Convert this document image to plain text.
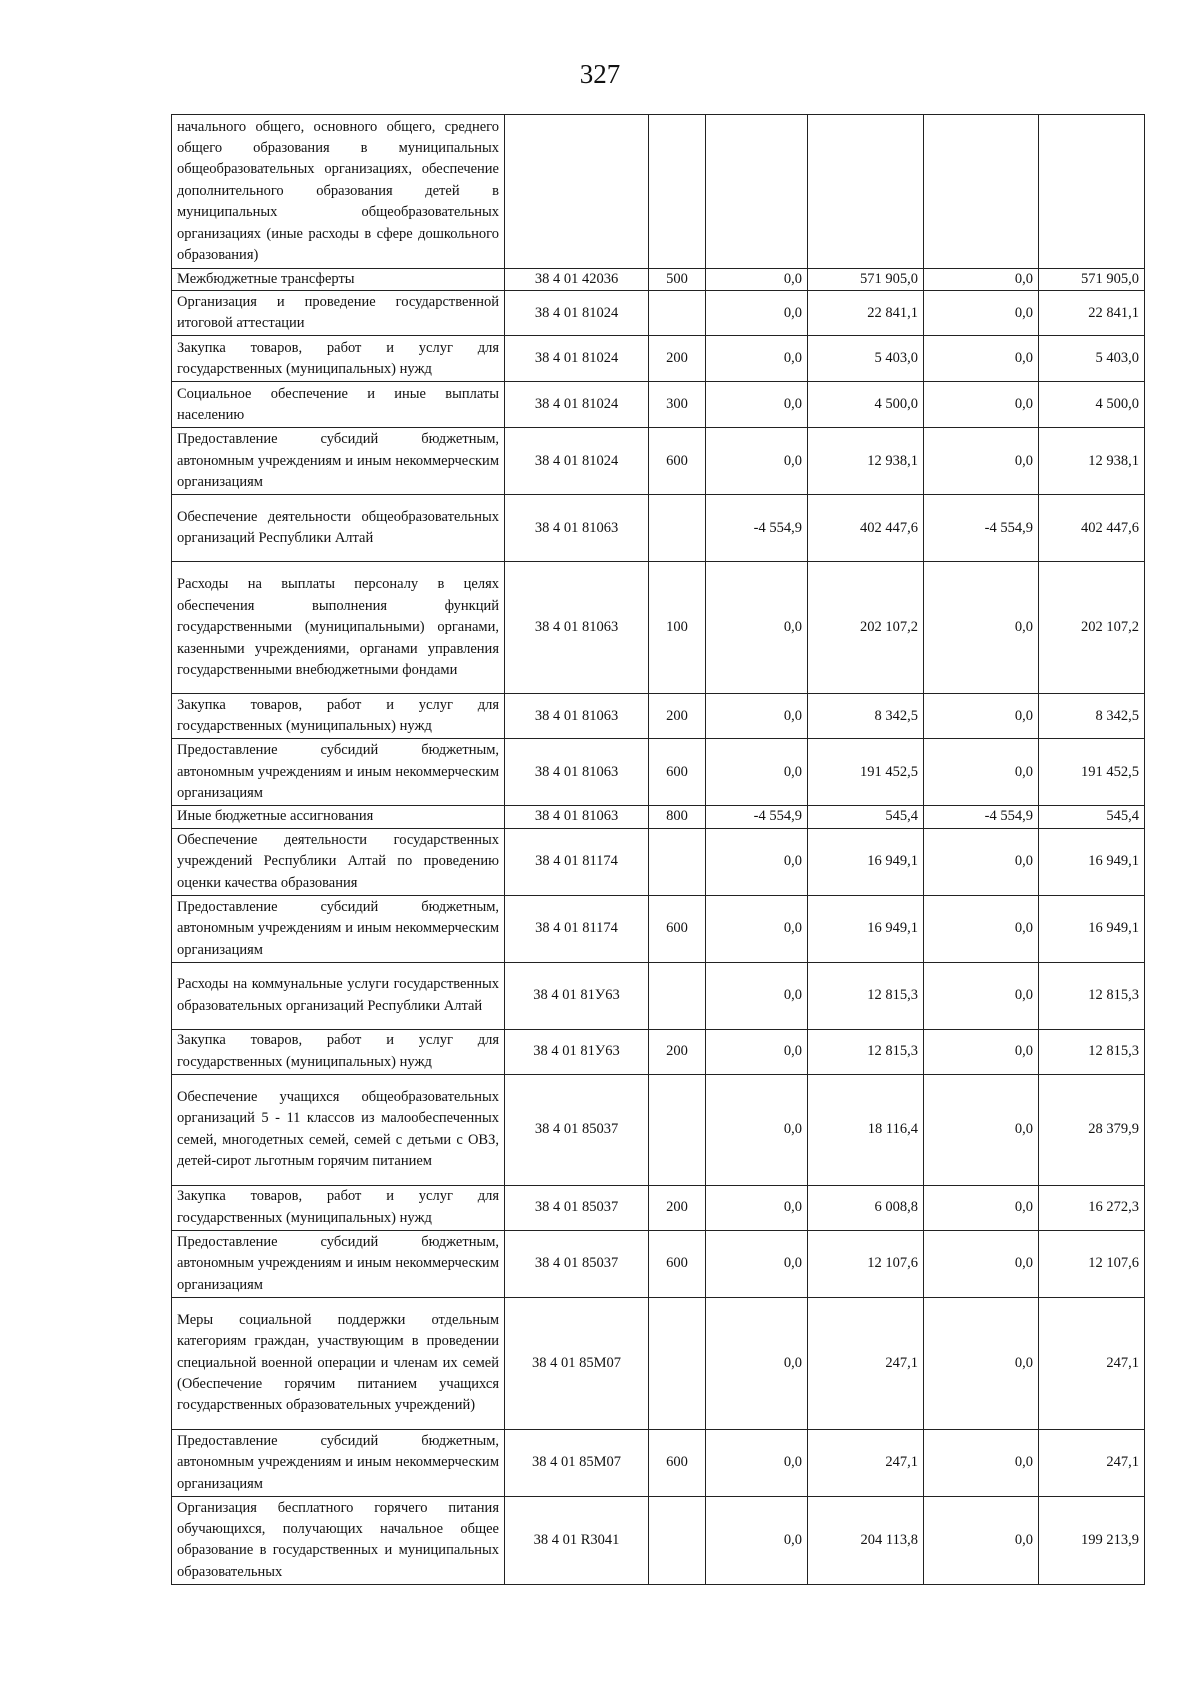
327
начального общего, основного общего, среднего общего образования в муниципальных общеобразовательных организациях, обеспечение дополнительного образования детей в муниципальных общеобразовательных организациях (иные расходы в сфере дошкольного образования)						
Межбюджетные трансферты	38 4 01 42036	500	0,0	571 905,0	0,0	571 905,0
Организация и проведение государственной итоговой аттестации	38 4 01 81024		0,0	22 841,1	0,0	22 841,1
Закупка товаров, работ и услуг для государственных (муниципальных) нужд	38 4 01 81024	200	0,0	5 403,0	0,0	5 403,0
Социальное обеспечение и иные выплаты населению	38 4 01 81024	300	0,0	4 500,0	0,0	4 500,0
Предоставление субсидий бюджетным, автономным учреждениям и иным некоммерческим организациям	38 4 01 81024	600	0,0	12 938,1	0,0	12 938,1
Обеспечение деятельности общеобразовательных организаций Республики Алтай	38 4 01 81063		-4 554,9	402 447,6	-4 554,9	402 447,6
Расходы на выплаты персоналу в целях обеспечения выполнения функций государственными (муниципальными) органами, казенными учреждениями, органами управления государственными внебюджетными фондами	38 4 01 81063	100	0,0	202 107,2	0,0	202 107,2
Закупка товаров, работ и услуг для государственных (муниципальных) нужд	38 4 01 81063	200	0,0	8 342,5	0,0	8 342,5
Предоставление субсидий бюджетным, автономным учреждениям и иным некоммерческим организациям	38 4 01 81063	600	0,0	191 452,5	0,0	191 452,5
Иные бюджетные ассигнования	38 4 01 81063	800	-4 554,9	545,4	-4 554,9	545,4
Обеспечение деятельности государственных учреждений Республики Алтай по проведению оценки качества образования	38 4 01 81174		0,0	16 949,1	0,0	16 949,1
Предоставление субсидий бюджетным, автономным учреждениям и иным некоммерческим организациям	38 4 01 81174	600	0,0	16 949,1	0,0	16 949,1
Расходы на коммунальные услуги государственных образовательных организаций Республики Алтай	38 4 01 81У63		0,0	12 815,3	0,0	12 815,3
Закупка товаров, работ и услуг для государственных (муниципальных) нужд	38 4 01 81У63	200	0,0	12 815,3	0,0	12 815,3
Обеспечение учащихся общеобразовательных организаций 5 - 11 классов из малообеспеченных семей, многодетных семей, семей с детьми с ОВЗ, детей-сирот льготным горячим питанием	38 4 01 85037		0,0	18 116,4	0,0	28 379,9
Закупка товаров, работ и услуг для государственных (муниципальных) нужд	38 4 01 85037	200	0,0	6 008,8	0,0	16 272,3
Предоставление субсидий бюджетным, автономным учреждениям и иным некоммерческим организациям	38 4 01 85037	600	0,0	12 107,6	0,0	12 107,6
Меры социальной поддержки отдельным категориям граждан, участвующим в проведении специальной военной операции и членам их семей (Обеспечение горячим питанием учащихся государственных образовательных учреждений)	38 4 01 85М07		0,0	247,1	0,0	247,1
Предоставление субсидий бюджетным, автономным учреждениям и иным некоммерческим организациям	38 4 01 85М07	600	0,0	247,1	0,0	247,1
Организация бесплатного горячего питания обучающихся, получающих начальное общее образование в государственных и муниципальных образовательных	38 4 01 R3041		0,0	204 113,8	0,0	199 213,9
